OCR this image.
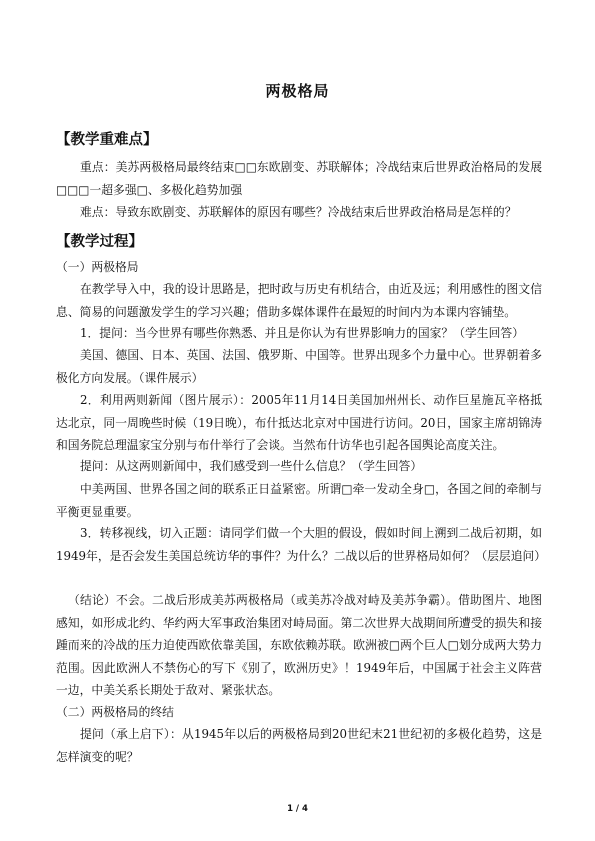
两极格局
【教学重难点】

重点：美苏两极格局最终结束□□东欧剧变、苏联解体；冷战结束后世界政治格局的发展□□□一超多强□、多极化趋势加强

难点：导致东欧剧变、苏联解体的原因有哪些？冷战结束后世界政治格局是怎样的？

【教学过程】

（一）两极格局

在教学导入中，我的设计思路是，把时政与历史有机结合，由近及远；利用感性的图文信息、简易的问题激发学生的学习兴趣；借助多媒体课件在最短的时间内为本课内容铺垫。

1．提问：当今世界有哪些你熟悉、并且是你认为有世界影响力的国家？（学生回答）

美国、德国、日本、英国、法国、俄罗斯、中国等。世界出现多个力量中心。世界朝着多极化方向发展。（课件展示）

2．利用两则新闻（图片展示）：2005年11月14日美国加州州长、动作巨星施瓦辛格抵达北京，同一周晚些时候（19日晚），布什抵达北京对中国进行访问。20日，国家主席胡锦涛和国务院总理温家宝分别与布什举行了会谈。当然布什访华也引起各国舆论高度关注。

提问：从这两则新闻中，我们感受到一些什么信息？（学生回答）

中美两国、世界各国之间的联系正日益紧密。所谓□牵一发动全身□，各国之间的牵制与平衡更显重要。

3．转移视线，切入正题：请同学们做一个大胆的假设，假如时间上溯到二战后初期，如1949年，是否会发生美国总统访华的事件？为什么？二战以后的世界格局如何？（层层追问）

（结论）不会。二战后形成美苏两极格局（或美苏冷战对峙及美苏争霸）。借助图片、地图感知，如形成北约、华约两大军事政治集团对峙局面。第二次世界大战期间所遭受的损失和接踵而来的冷战的压力迫使西欧依靠美国，东欧依赖苏联。欧洲被□两个巨人□划分成两大势力范围。因此欧洲人不禁伤心的写下《别了，欧洲历史》！1949年后，中国属于社会主义阵营一边，中美关系长期处于敌对、紧张状态。

（二）两极格局的终结

提问（承上启下）：从1945年以后的两极格局到20世纪末21世纪初的多极化趋势，这是怎样演变的呢？

1 / 4
